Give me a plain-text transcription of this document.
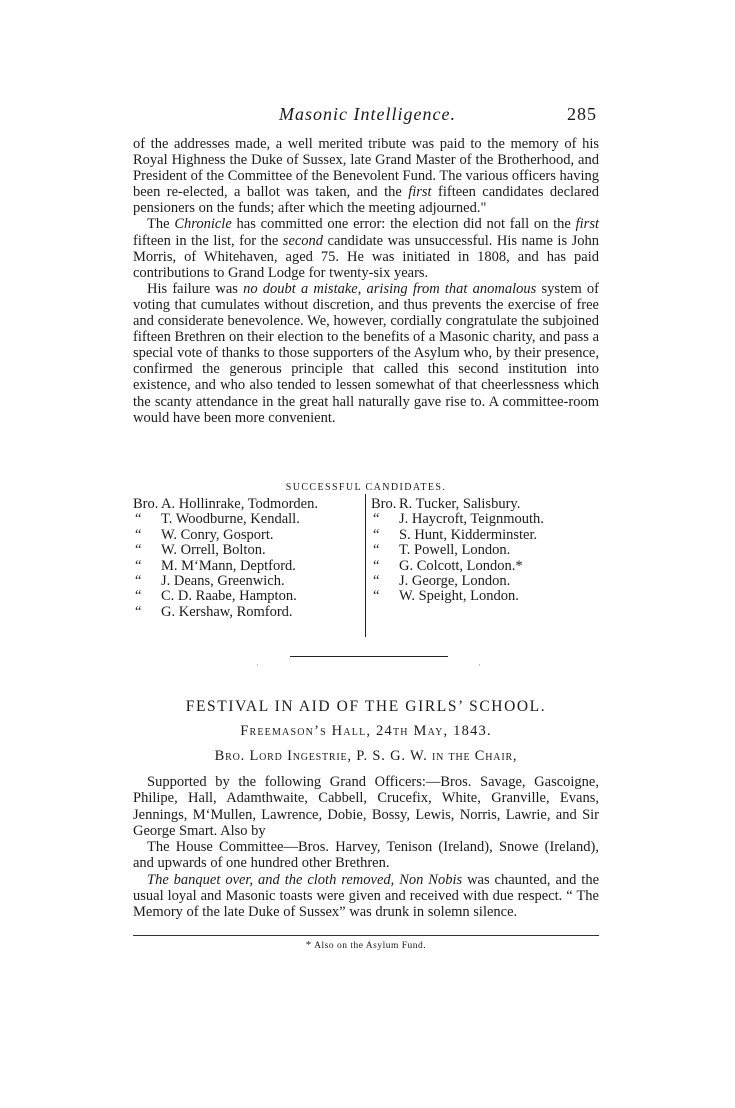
Masonic Intelligence.	285

of the addresses made, a well merited tribute was paid to the memory of his Royal Highness the Duke of Sussex, late Grand Master of the Brotherhood, and President of the Committee of the Benevolent Fund. The various officers having been re-elected, a ballot was taken, and the first fifteen candidates declared pensioners on the funds; after which the meeting adjourned."

The Chronicle has committed one error: the election did not fall on the first fifteen in the list, for the second candidate was unsuccessful. His name is John Morris, of Whitehaven, aged 75. He was initiated in 1808, and has paid contributions to Grand Lodge for twenty-six years.

His failure was no doubt a mistake, arising from that anomalous system of voting that cumulates without discretion, and thus prevents the exercise of free and considerate benevolence. We, however, cordially congratulate the subjoined fifteen Brethren on their election to the benefits of a Masonic charity, and pass a special vote of thanks to those supporters of the Asylum who, by their presence, confirmed the generous principle that called this second institution into existence, and who also tended to lessen somewhat of that cheerlessness which the scanty attendance in the great hall naturally gave rise to. A committee-room would have been more convenient.

SUCCESSFUL CANDIDATES.
Bro. A. Hollinrake, Todmorden.
“ T. Woodburne, Kendall.
“ W. Conry, Gosport.
“ W. Orrell, Bolton.
“ M. M‘Mann, Deptford.
“ J. Deans, Greenwich.
“ C. D. Raabe, Hampton.
“ G. Kershaw, Romford.
Bro. R. Tucker, Salisbury.
“ J. Haycroft, Teignmouth.
“ S. Hunt, Kidderminster.
“ T. Powell, London.
“ G. Colcott, London.*
“ J. George, London.
“ W. Speight, London.
·	·
FESTIVAL IN AID OF THE GIRLS’ SCHOOL.
Freemason’s Hall, 24th May, 1843.
Bro. Lord Ingestrie, P. S. G. W. in the Chair,

Supported by the following Grand Officers:—Bros. Savage, Gascoigne, Philipe, Hall, Adamthwaite, Cabbell, Crucefix, White, Granville, Evans, Jennings, M‘Mullen, Lawrence, Dobie, Bossy, Lewis, Norris, Lawrie, and Sir George Smart. Also by

The House Committee—Bros. Harvey, Tenison (Ireland), Snowe (Ireland), and upwards of one hundred other Brethren.

The banquet over, and the cloth removed, Non Nobis was chaunted, and the usual loyal and Masonic toasts were given and received with due respect. “ The Memory of the late Duke of Sussex” was drunk in solemn silence.

* Also on the Asylum Fund.
